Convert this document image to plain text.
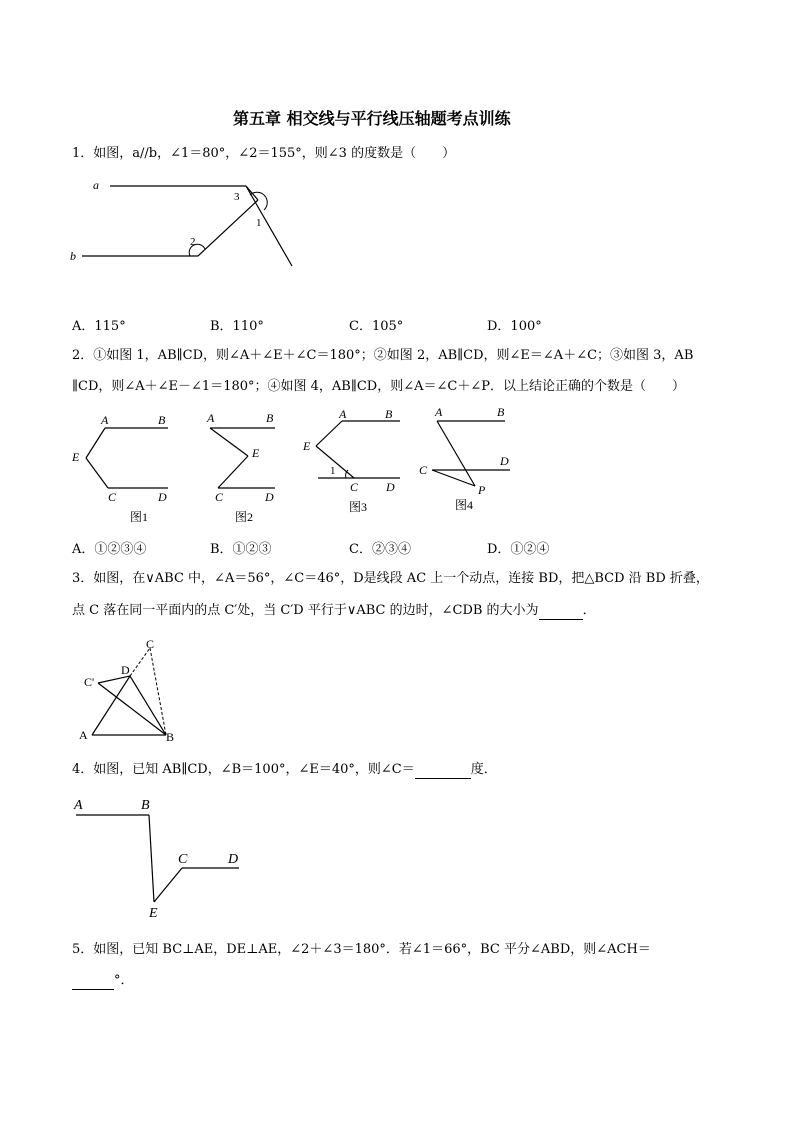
第五章 相交线与平行线压轴题考点训练
1．如图，a//b，∠1＝80°，∠2＝155°，则∠3 的度数是（　　）
a
b
3
1
2
A．115°	B．110°	C．105°	D．100°
2．①如图 1，AB∥CD，则∠A＋∠E＋∠C＝180°；②如图 2，AB∥CD，则∠E＝∠A＋∠C；③如图 3，AB
∥CD，则∠A＋∠E－∠1＝180°；④如图 4，AB∥CD，则∠A＝∠C＋∠P．以上结论正确的个数是（　　）
A	B
E
C	D
图1
A	B
E
C	D
图2
A	B
E
1
C D
图3
A	B
C
D
P
图4
A．①②③④	B．①②③	C．②③④	D．①②④
3．如图，在∨ABC 中，∠A＝56°，∠C＝46°，D是线段 AC 上一个动点，连接 BD，把△BCD 沿 BD 折叠，
点 C 落在同一平面内的点 C′处，当 C′D 平行于∨ABC 的边时，∠CDB 的大小为	．
C
D
C'
A	B
4．如图，已知 AB∥CD，∠B＝100°，∠E＝40°，则∠C＝	度．
A	B
C	D
E
5．如图，已知 BC⊥AE，DE⊥AE，∠2＋∠3＝180°．若∠1＝66°，BC 平分∠ABD，则∠ACH＝
°．
